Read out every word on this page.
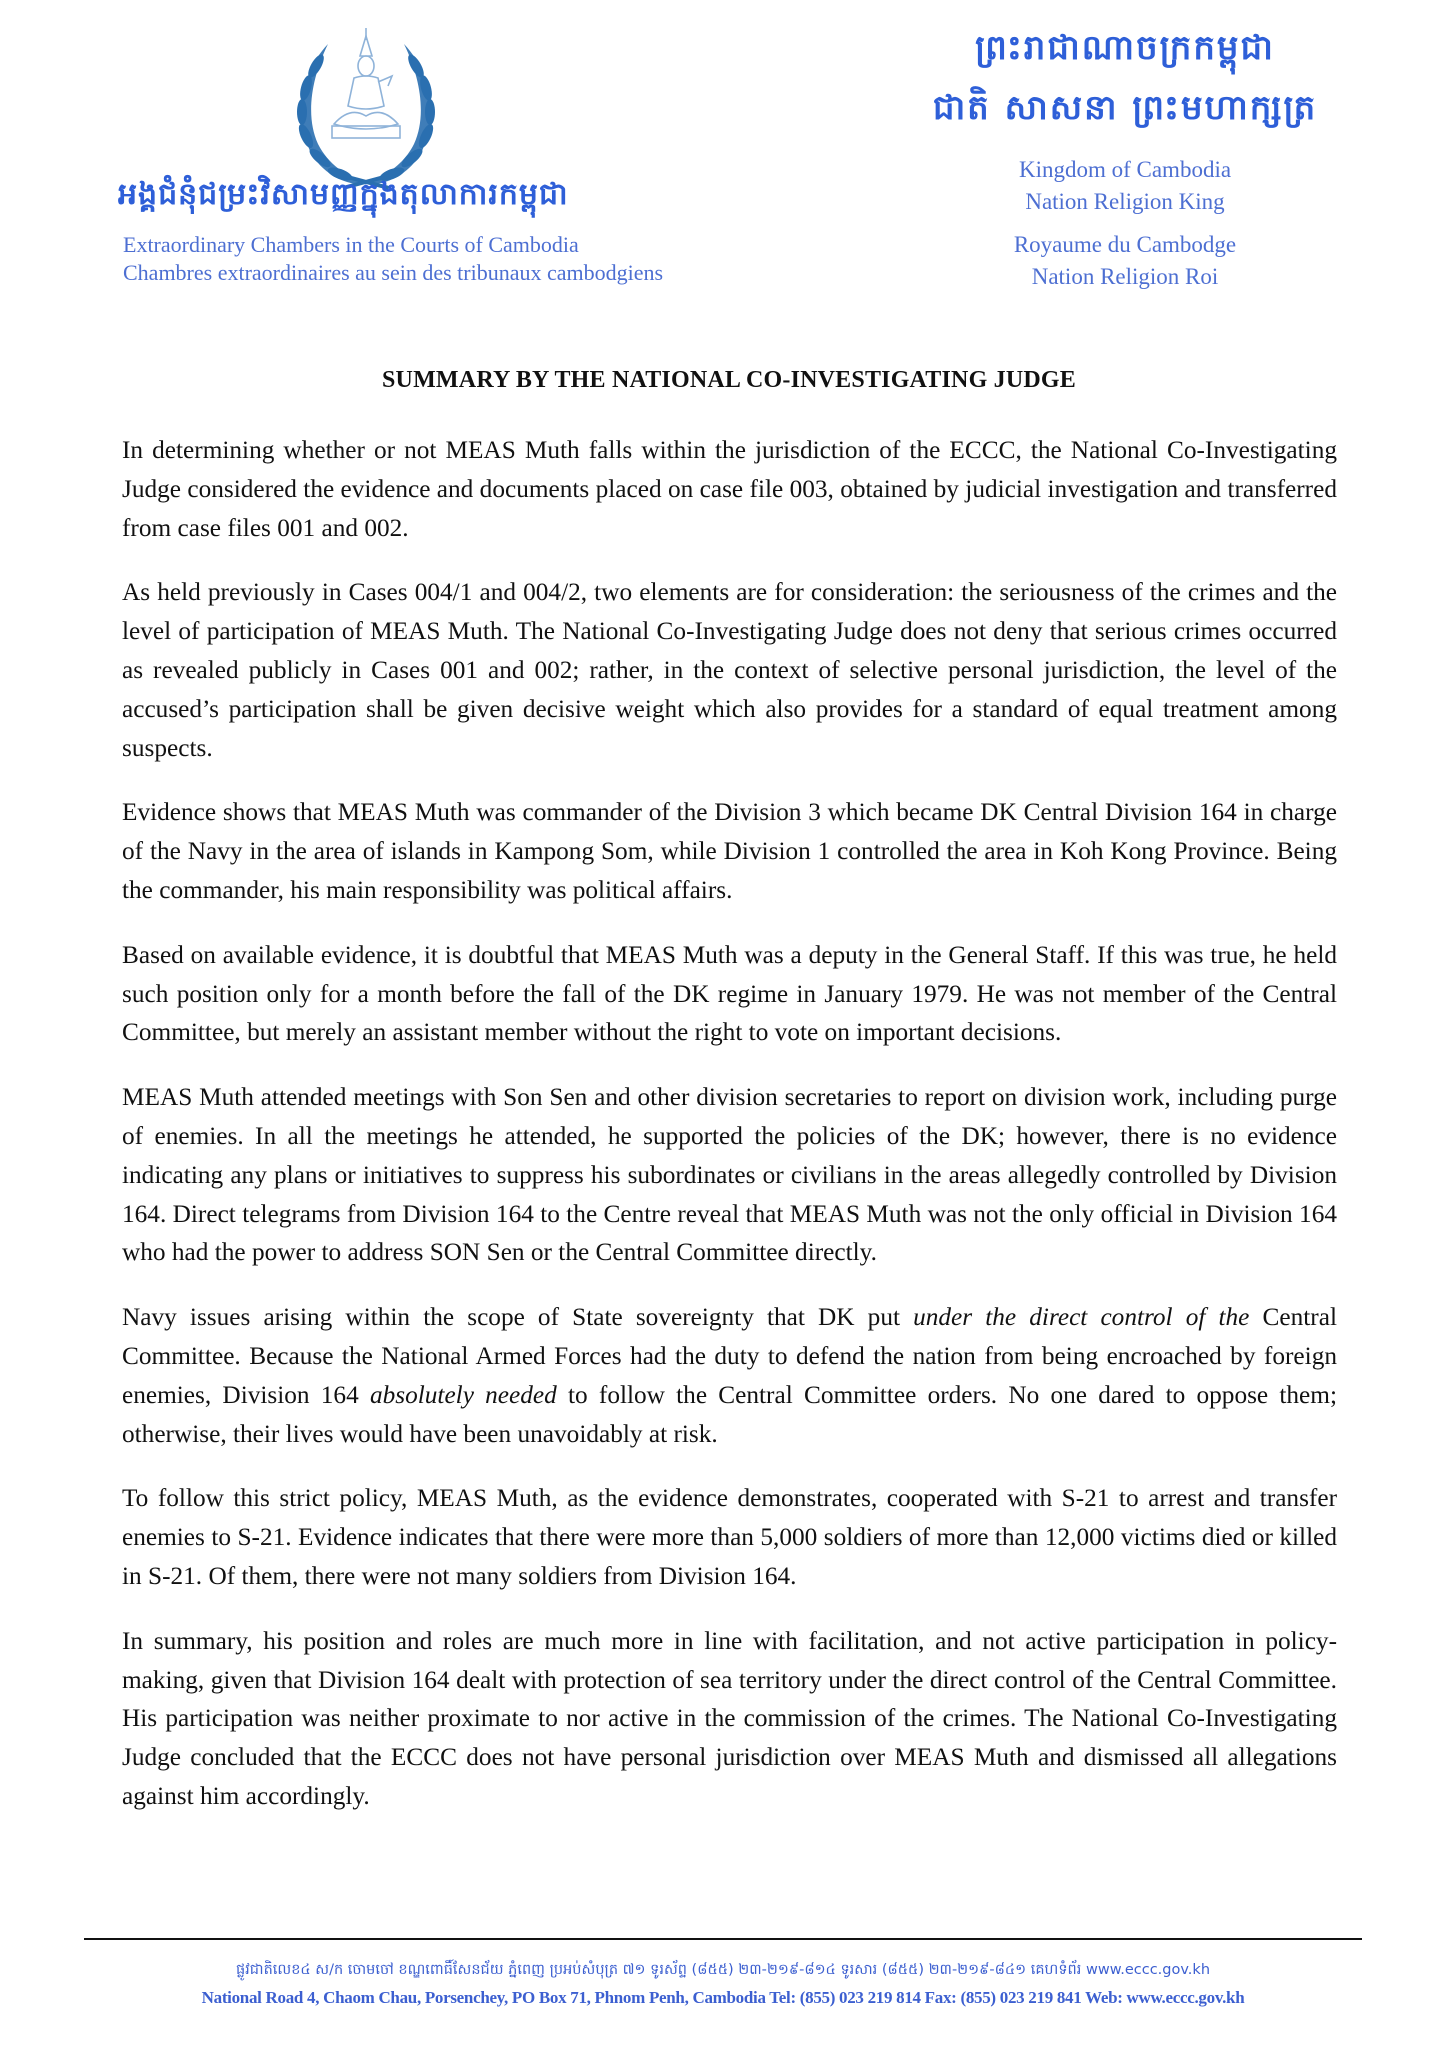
អង្គជំនុំជម្រះវិសាមញ្ញក្នុងតុលាការកម្ពុជា
Extraordinary Chambers in the Courts of Cambodia
Chambres extraordinaires au sein des tribunaux cambodgiens
ព្រះរាជាណាចក្រកម្ពុជា
ជាតិ សាសនា ព្រះមហាក្សត្រ
Kingdom of Cambodia
Nation Religion King
Royaume du Cambodge
Nation Religion Roi
SUMMARY BY THE NATIONAL CO-INVESTIGATING JUDGE

In determining whether or not MEAS Muth falls within the jurisdiction of the ECCC, the National Co-Investigating Judge considered the evidence and documents placed on case file 003, obtained by judicial investigation and transferred from case files 001 and 002.

As held previously in Cases 004/1 and 004/2, two elements are for consideration: the seriousness of the crimes and the level of participation of MEAS Muth. The National Co-Investigating Judge does not deny that serious crimes occurred as revealed publicly in Cases 001 and 002; rather, in the context of selective personal jurisdiction, the level of the accused’s participation shall be given decisive weight which also provides for a standard of equal treatment among suspects.

Evidence shows that MEAS Muth was commander of the Division 3 which became DK Central Division 164 in charge of the Navy in the area of islands in Kampong Som, while Division 1 controlled the area in Koh Kong Province. Being the commander, his main responsibility was political affairs.

Based on available evidence, it is doubtful that MEAS Muth was a deputy in the General Staff. If this was true, he held such position only for a month before the fall of the DK regime in January 1979. He was not member of the Central Committee, but merely an assistant member without the right to vote on important decisions.

MEAS Muth attended meetings with Son Sen and other division secretaries to report on division work, including purge of enemies. In all the meetings he attended, he supported the policies of the DK; however, there is no evidence indicating any plans or initiatives to suppress his subordinates or civilians in the areas allegedly controlled by Division 164. Direct telegrams from Division 164 to the Centre reveal that MEAS Muth was not the only official in Division 164 who had the power to address SON Sen or the Central Committee directly.

Navy issues arising within the scope of State sovereignty that DK put under the direct control of the Central Committee. Because the National Armed Forces had the duty to defend the nation from being encroached by foreign enemies, Division 164 absolutely needed to follow the Central Committee orders. No one dared to oppose them; otherwise, their lives would have been unavoidably at risk.

To follow this strict policy, MEAS Muth, as the evidence demonstrates, cooperated with S-21 to arrest and transfer enemies to S-21. Evidence indicates that there were more than 5,000 soldiers of more than 12,000 victims died or killed in S-21. Of them, there were not many soldiers from Division 164.

In summary, his position and roles are much more in line with facilitation, and not active participation in policy-making, given that Division 164 dealt with protection of sea territory under the direct control of the Central Committee. His participation was neither proximate to nor active in the commission of the crimes. The National Co-Investigating Judge concluded that the ECCC does not have personal jurisdiction over MEAS Muth and dismissed all allegations against him accordingly.

ផ្លូវជាតិលេខ៤ ស/ក ចោមចៅ ខណ្ឌពោធិ៍សែនជ័យ ភ្នំពេញ ប្រអប់សំបុត្រ ៧១ ទូរស័ព្ទ (៨៥៥) ២៣-២១៩-៨១៤ ទូរសារ (៨៥៥) ២៣-២១៩-៨៤១ គេហទំព័រ www.eccc.gov.kh
National Road 4, Chaom Chau, Porsenchey, PO Box 71, Phnom Penh, Cambodia Tel: (855) 023 219 814 Fax: (855) 023 219 841 Web: www.eccc.gov.kh
